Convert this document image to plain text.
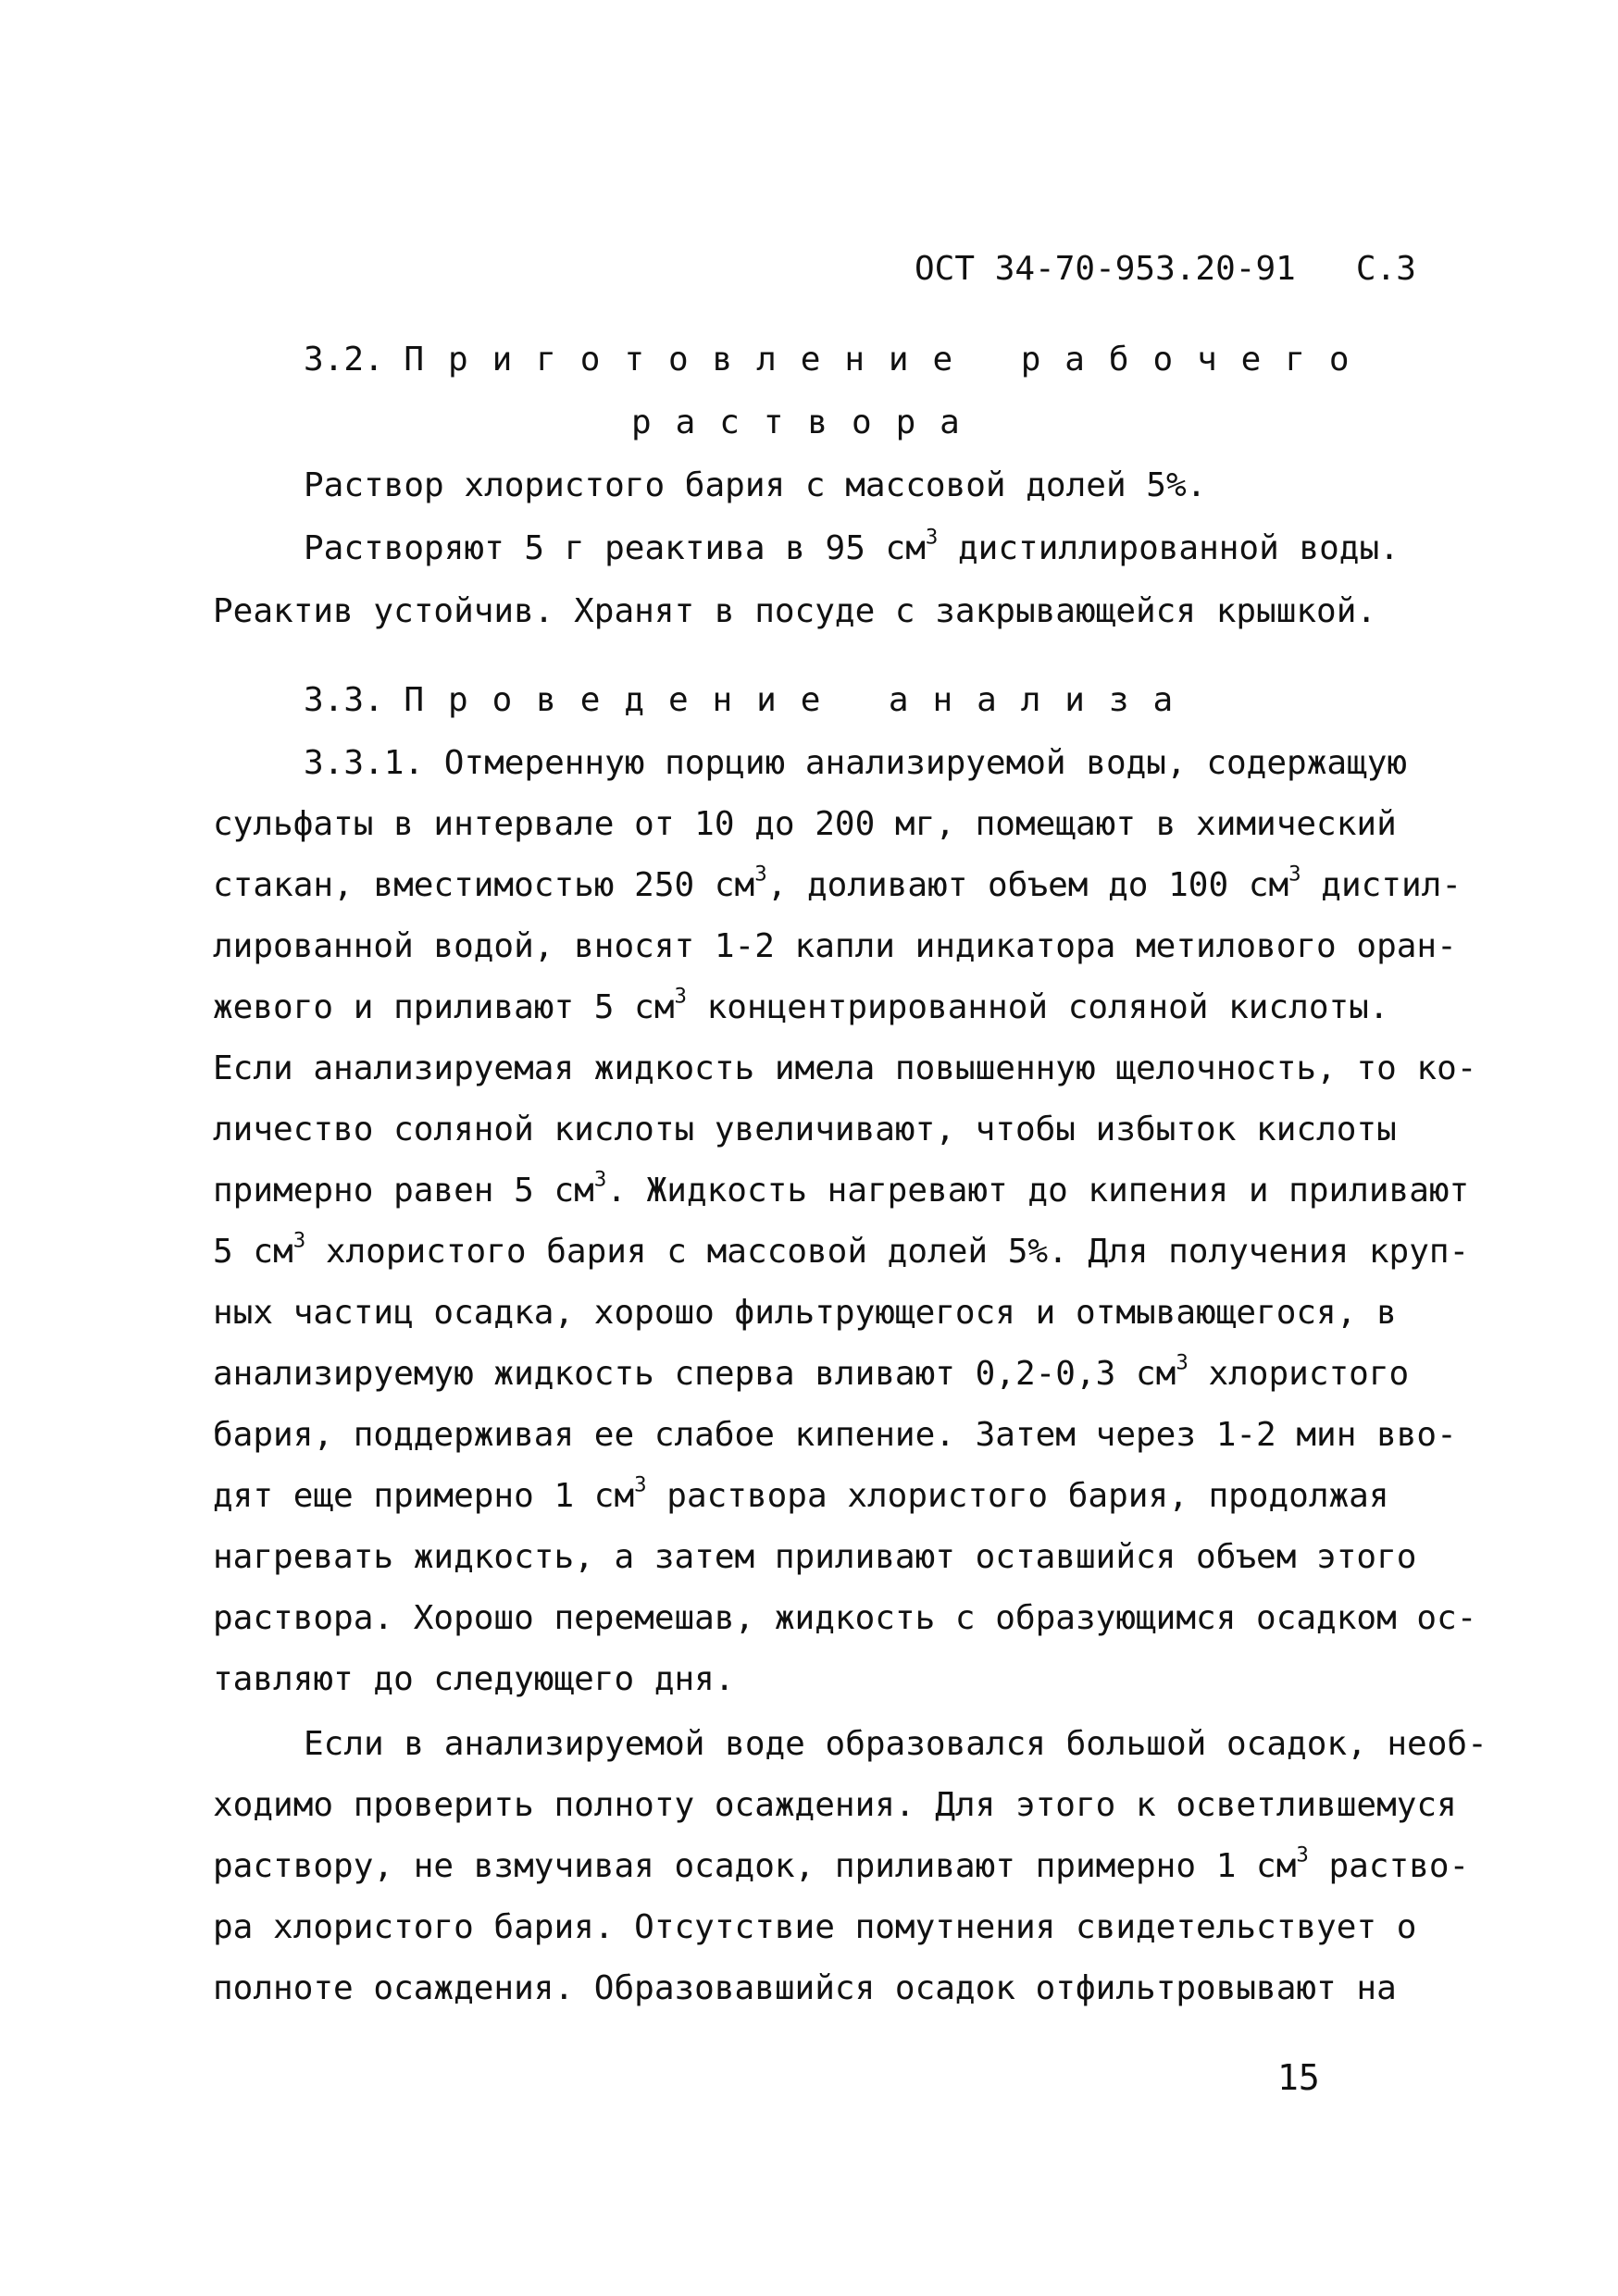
ОСТ 34-70-953.20-91 С.3
3.2. Приготовление рабочего
раствора
Раствор хлористого бария с массовой долей 5%.
Растворяют 5 г реактива в 95 $см^3$ дистиллированной воды.
Реактив устойчив. Хранят в посуде с закрывающейся крышкой.
3.3. Проведение анализа
3.3.1. Отмеренную порцию анализируемой воды, содержащую
сульфаты в интервале от 10 до 200 мг, помещают в химический
стакан, вместимостью 250 $см^3$, доливают объем до 100 $см^3$ дистил-
лированной водой, вносят 1-2 капли индикатора метилового оран-
жевого и приливают 5 $см^3$ концентрированной соляной кислоты.
Если анализируемая жидкость имела повышенную щелочность, то ко-
личество соляной кислоты увеличивают, чтобы избыток кислоты
примерно равен 5 $см^3$. Жидкость нагревают до кипения и приливают
5 $см^3$ хлористого бария с массовой долей 5%. Для получения круп-
ных частиц осадка, хорошо фильтрующегося и отмывающегося, в
анализируемую жидкость сперва вливают 0,2-0,3 $см^3$ хлористого
бария, поддерживая ее слабое кипение. Затем через 1-2 мин вво-
дят еще примерно 1 $см^3$ раствора хлористого бария, продолжая
нагревать жидкость, а затем приливают оставшийся объем этого
раствора. Хорошо перемешав, жидкость с образующимся осадком ос-
тавляют до следующего дня.
Если в анализируемой воде образовался большой осадок, необ-
ходимо проверить полноту осаждения. Для этого к осветлившемуся
раствору, не взмучивая осадок, приливают примерно 1 $см^3$ раство-
ра хлористого бария. Отсутствие помутнения свидетельствует о
полноте осаждения. Образовавшийся осадок отфильтровывают на
15
